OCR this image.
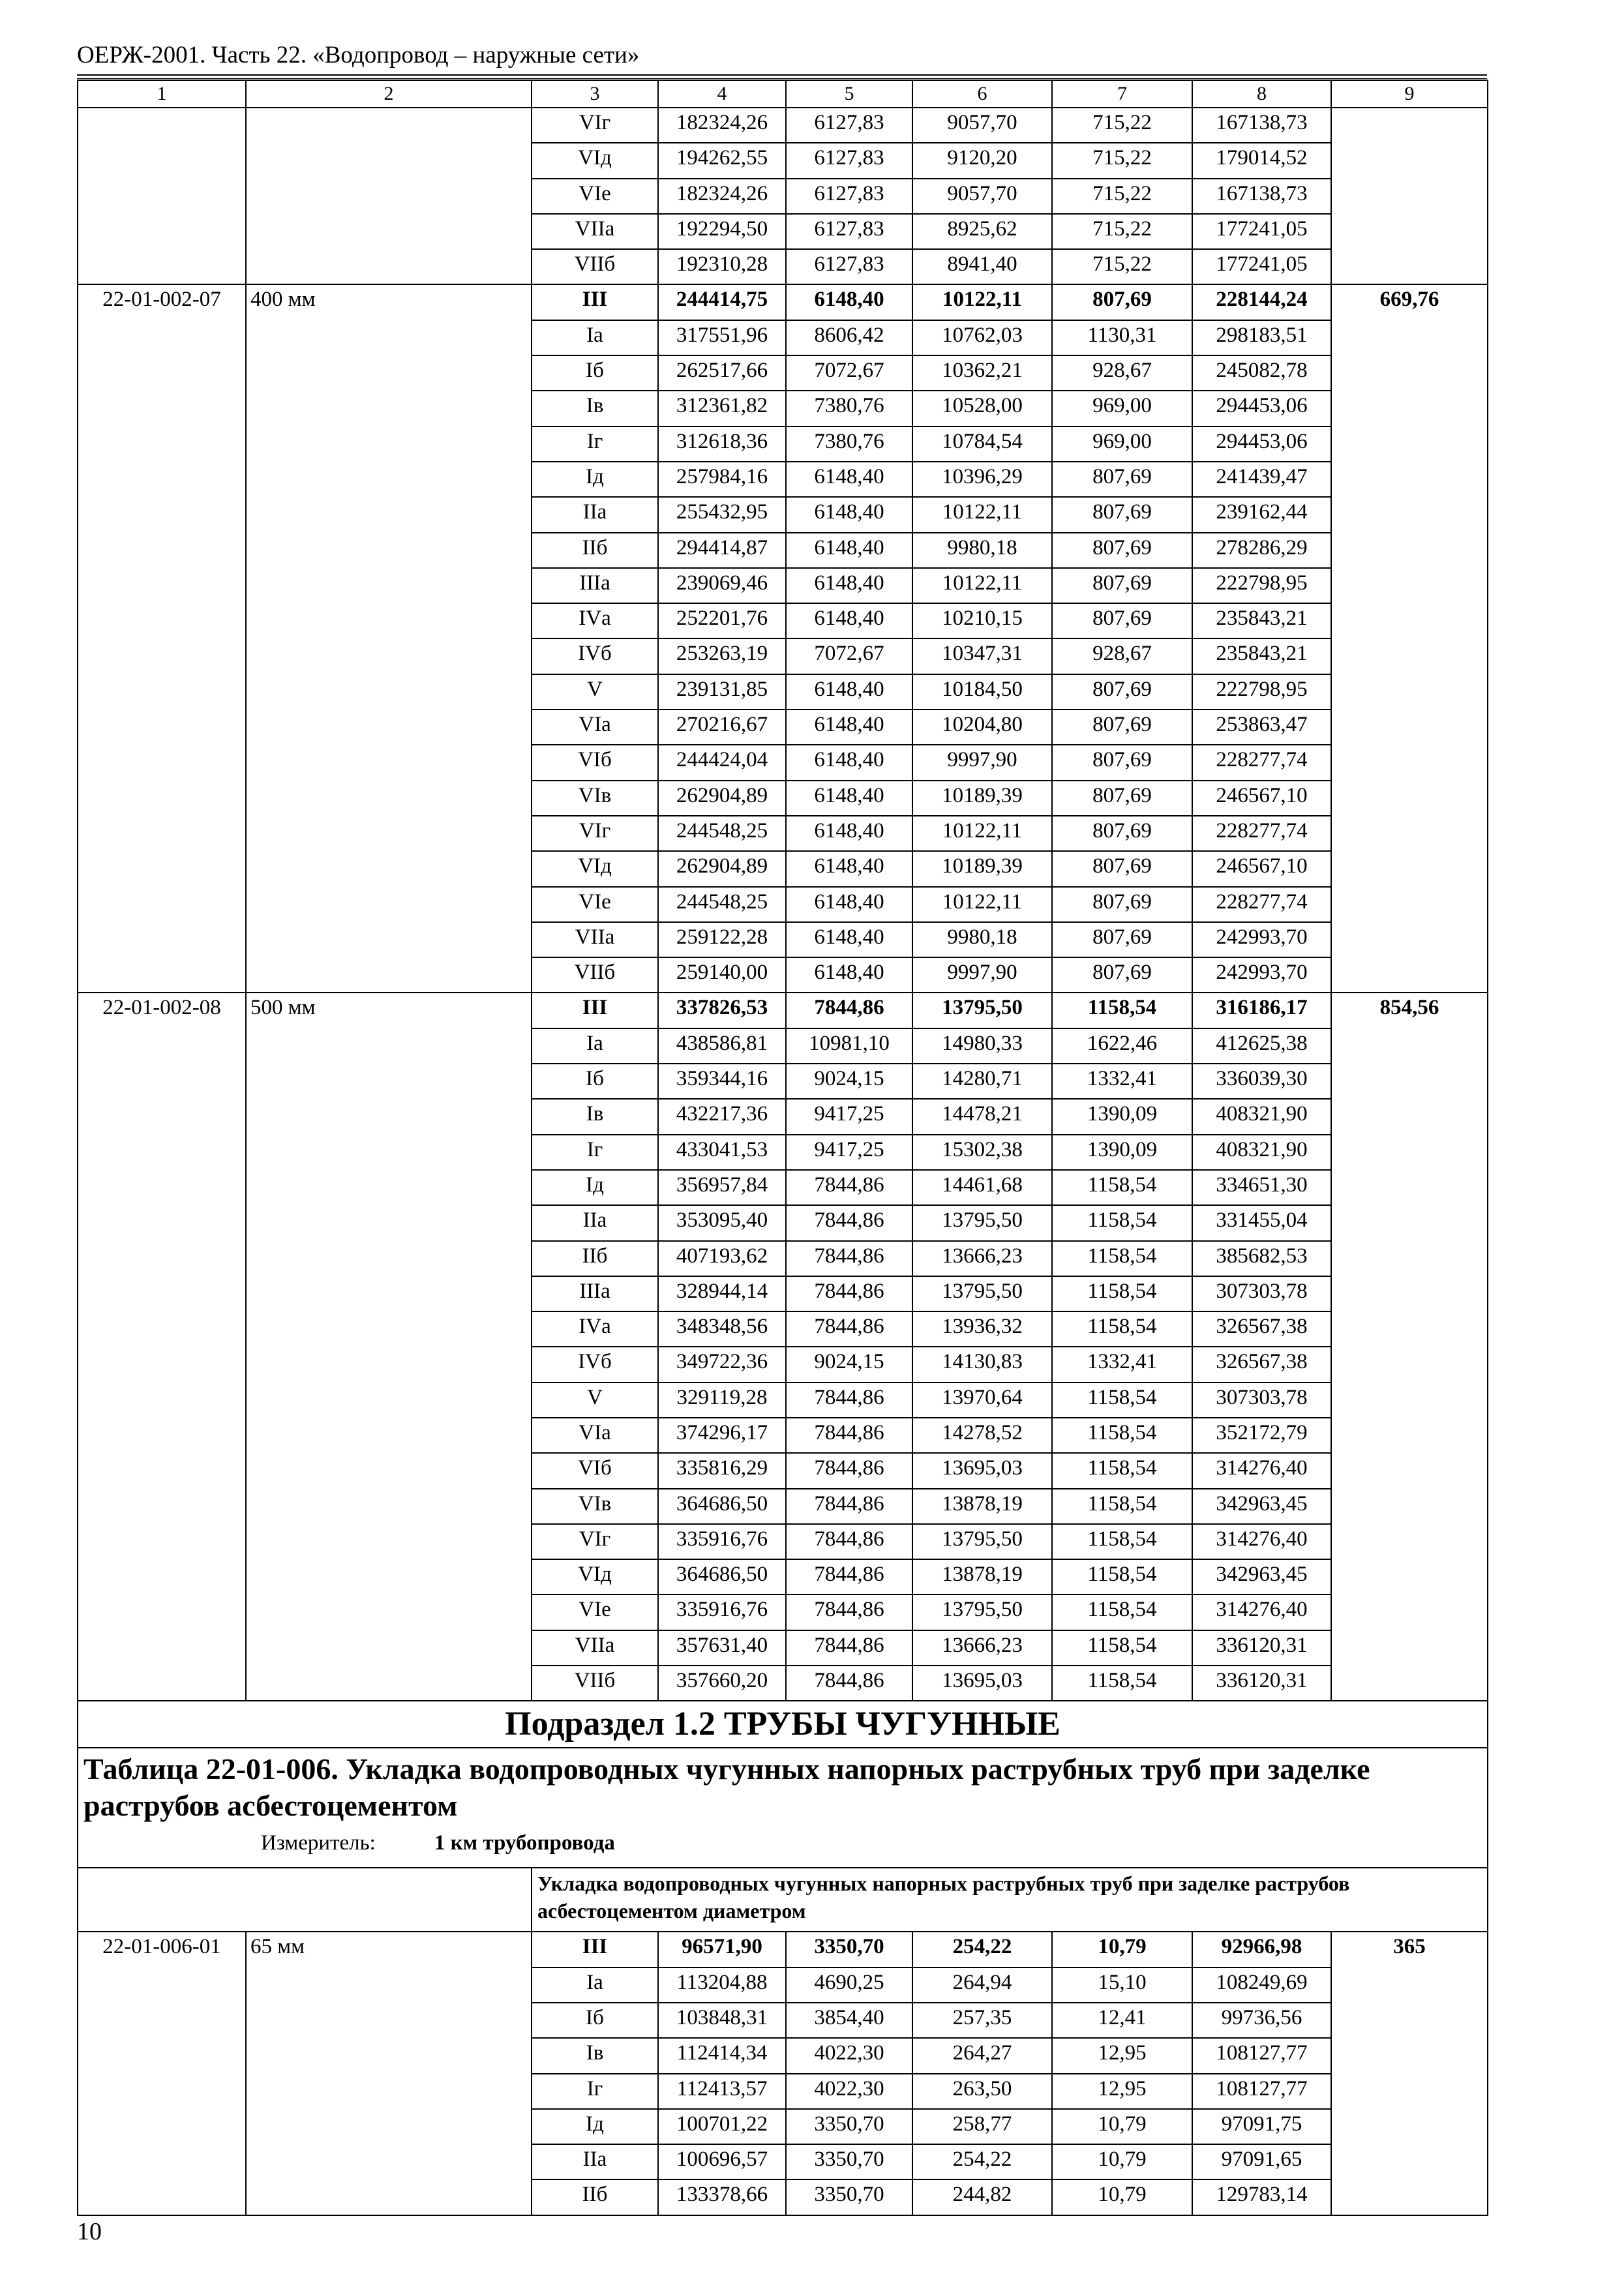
ОЕРЖ-2001. Часть 22. «Водопровод – наружные сети»
1	2	3	4	5	6	7	8	9
		VIг	182324,26	6127,83	9057,70	715,22	167138,73	
		VIд	194262,55	6127,83	9120,20	715,22	179014,52	
		VIе	182324,26	6127,83	9057,70	715,22	167138,73	
		VIIа	192294,50	6127,83	8925,62	715,22	177241,05	
		VIIб	192310,28	6127,83	8941,40	715,22	177241,05	
22-01-002-07	400 мм	III	244414,75	6148,40	10122,11	807,69	228144,24	669,76
		Iа	317551,96	8606,42	10762,03	1130,31	298183,51	
		Iб	262517,66	7072,67	10362,21	928,67	245082,78	
		Iв	312361,82	7380,76	10528,00	969,00	294453,06	
		Iг	312618,36	7380,76	10784,54	969,00	294453,06	
		Iд	257984,16	6148,40	10396,29	807,69	241439,47	
		IIа	255432,95	6148,40	10122,11	807,69	239162,44	
		IIб	294414,87	6148,40	9980,18	807,69	278286,29	
		IIIа	239069,46	6148,40	10122,11	807,69	222798,95	
		IVа	252201,76	6148,40	10210,15	807,69	235843,21	
		IVб	253263,19	7072,67	10347,31	928,67	235843,21	
		V	239131,85	6148,40	10184,50	807,69	222798,95	
		VIа	270216,67	6148,40	10204,80	807,69	253863,47	
		VIб	244424,04	6148,40	9997,90	807,69	228277,74	
		VIв	262904,89	6148,40	10189,39	807,69	246567,10	
		VIг	244548,25	6148,40	10122,11	807,69	228277,74	
		VIд	262904,89	6148,40	10189,39	807,69	246567,10	
		VIе	244548,25	6148,40	10122,11	807,69	228277,74	
		VIIа	259122,28	6148,40	9980,18	807,69	242993,70	
		VIIб	259140,00	6148,40	9997,90	807,69	242993,70	
22-01-002-08	500 мм	III	337826,53	7844,86	13795,50	1158,54	316186,17	854,56
		Iа	438586,81	10981,10	14980,33	1622,46	412625,38	
		Iб	359344,16	9024,15	14280,71	1332,41	336039,30	
		Iв	432217,36	9417,25	14478,21	1390,09	408321,90	
		Iг	433041,53	9417,25	15302,38	1390,09	408321,90	
		Iд	356957,84	7844,86	14461,68	1158,54	334651,30	
		IIа	353095,40	7844,86	13795,50	1158,54	331455,04	
		IIб	407193,62	7844,86	13666,23	1158,54	385682,53	
		IIIа	328944,14	7844,86	13795,50	1158,54	307303,78	
		IVа	348348,56	7844,86	13936,32	1158,54	326567,38	
		IVб	349722,36	9024,15	14130,83	1332,41	326567,38	
		V	329119,28	7844,86	13970,64	1158,54	307303,78	
		VIа	374296,17	7844,86	14278,52	1158,54	352172,79	
		VIб	335816,29	7844,86	13695,03	1158,54	314276,40	
		VIв	364686,50	7844,86	13878,19	1158,54	342963,45	
		VIг	335916,76	7844,86	13795,50	1158,54	314276,40	
		VIд	364686,50	7844,86	13878,19	1158,54	342963,45	
		VIе	335916,76	7844,86	13795,50	1158,54	314276,40	
		VIIа	357631,40	7844,86	13666,23	1158,54	336120,31	
		VIIб	357660,20	7844,86	13695,03	1158,54	336120,31	
Подраздел 1.2 ТРУБЫ ЧУГУННЫЕ								

Таблица 22-01-006. Укладка водопроводных чугунных напорных раструбных труб при заделке раструбов асбестоцементом
Измеритель: 1 км трубопровода								

		Укладка водопроводных чугунных напорных раструбных труб при заделке раструбов асбестоцементом диаметром						
22-01-006-01	65 мм	III	96571,90	3350,70	254,22	10,79	92966,98	365
		Iа	113204,88	4690,25	264,94	15,10	108249,69	
		Iб	103848,31	3854,40	257,35	12,41	99736,56	
		Iв	112414,34	4022,30	264,27	12,95	108127,77	
		Iг	112413,57	4022,30	263,50	12,95	108127,77	
		Iд	100701,22	3350,70	258,77	10,79	97091,75	
		IIа	100696,57	3350,70	254,22	10,79	97091,65	
		IIб	133378,66	3350,70	244,82	10,79	129783,14	
10
